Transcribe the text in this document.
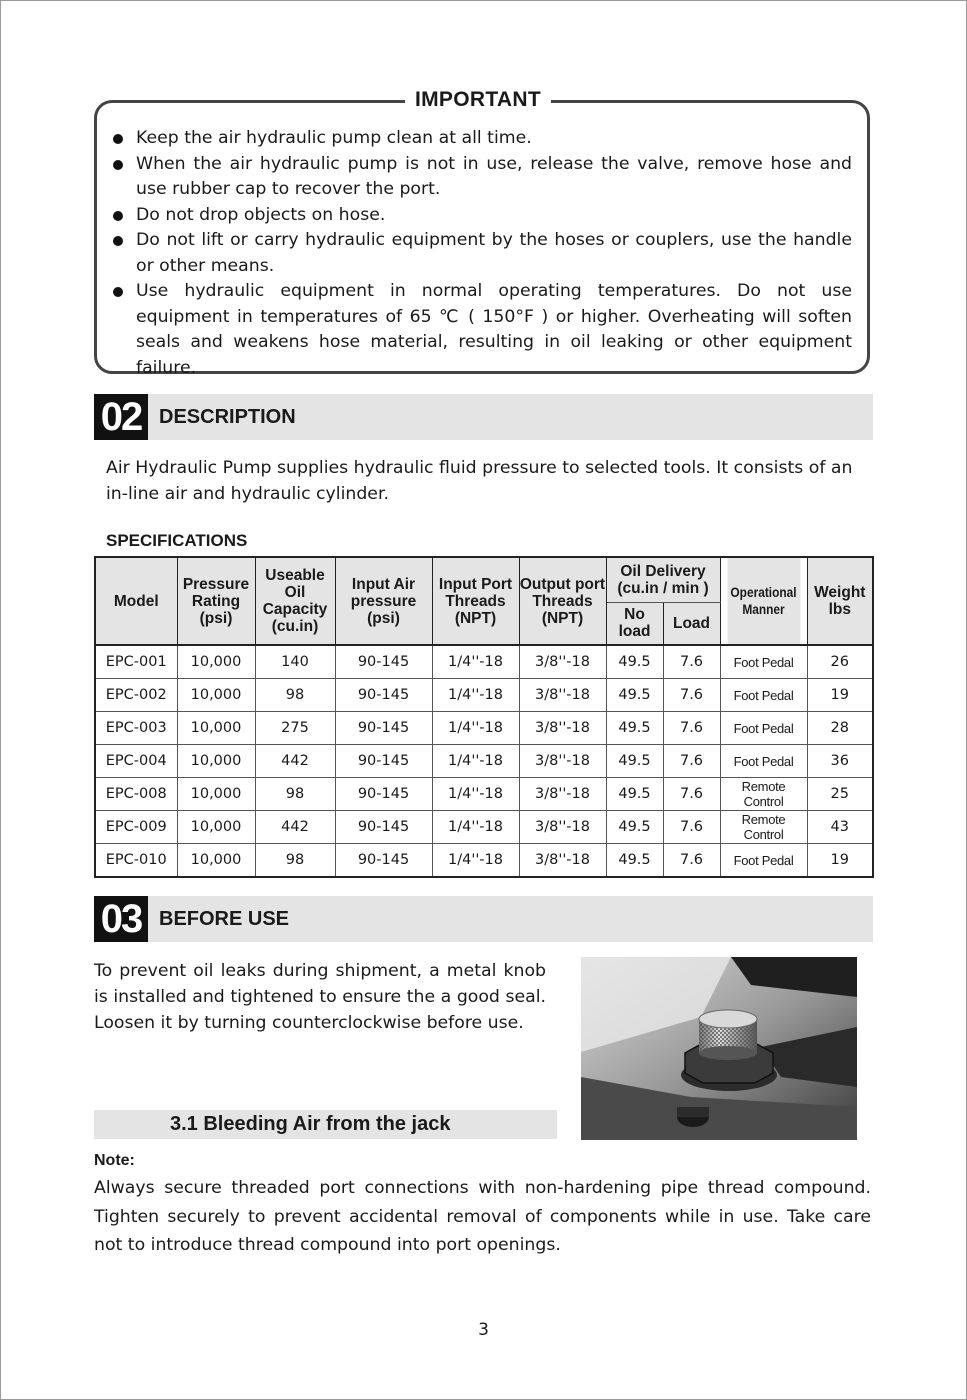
IMPORTANT
Keep the air hydraulic pump clean at all time.
When the air hydraulic pump is not in use, release the valve, remove hose and use rubber cap to recover the port.
Do not drop objects on hose.
Do not lift or carry hydraulic equipment by the hoses or couplers, use the handle or other means.
Use hydraulic equipment in normal operating temperatures. Do not use equipment in temperatures of 65 ℃ ( 150°F ) or higher. Overheating will soften seals and weakens hose material, resulting in oil leaking or other equipment failure.
02 DESCRIPTION
Air Hydraulic Pump supplies hydraulic fluid pressure to selected tools. It consists of an in-line air and hydraulic cylinder.
SPECIFICATIONS
Model	Pressure Rating (psi)	Useable Oil Capacity (cu.in)	Input Air pressure (psi)	Input Port Threads (NPT)	Output port Threads (NPT)	Oil Delivery (cu.in / min )		Operational Manner	Weight lbs
						No load	Load		
EPC-001	10,000	140	90-145	1/4''-18	3/8''-18	49.5	7.6	Foot Pedal	26
EPC-002	10,000	98	90-145	1/4''-18	3/8''-18	49.5	7.6	Foot Pedal	19
EPC-003	10,000	275	90-145	1/4''-18	3/8''-18	49.5	7.6	Foot Pedal	28
EPC-004	10,000	442	90-145	1/4''-18	3/8''-18	49.5	7.6	Foot Pedal	36
EPC-008	10,000	98	90-145	1/4''-18	3/8''-18	49.5	7.6	Remote Control	25
EPC-009	10,000	442	90-145	1/4''-18	3/8''-18	49.5	7.6	Remote Control	43
EPC-010	10,000	98	90-145	1/4''-18	3/8''-18	49.5	7.6	Foot Pedal	19
03 BEFORE USE
To prevent oil leaks during shipment, a metal knob is installed and tightened to ensure the a good seal. Loosen it by turning counterclockwise before use.
3.1 Bleeding Air from the jack
Note:
Always secure threaded port connections with non-hardening pipe thread compound. Tighten securely to prevent accidental removal of components while in use. Take care not to introduce thread compound into port openings.
3
